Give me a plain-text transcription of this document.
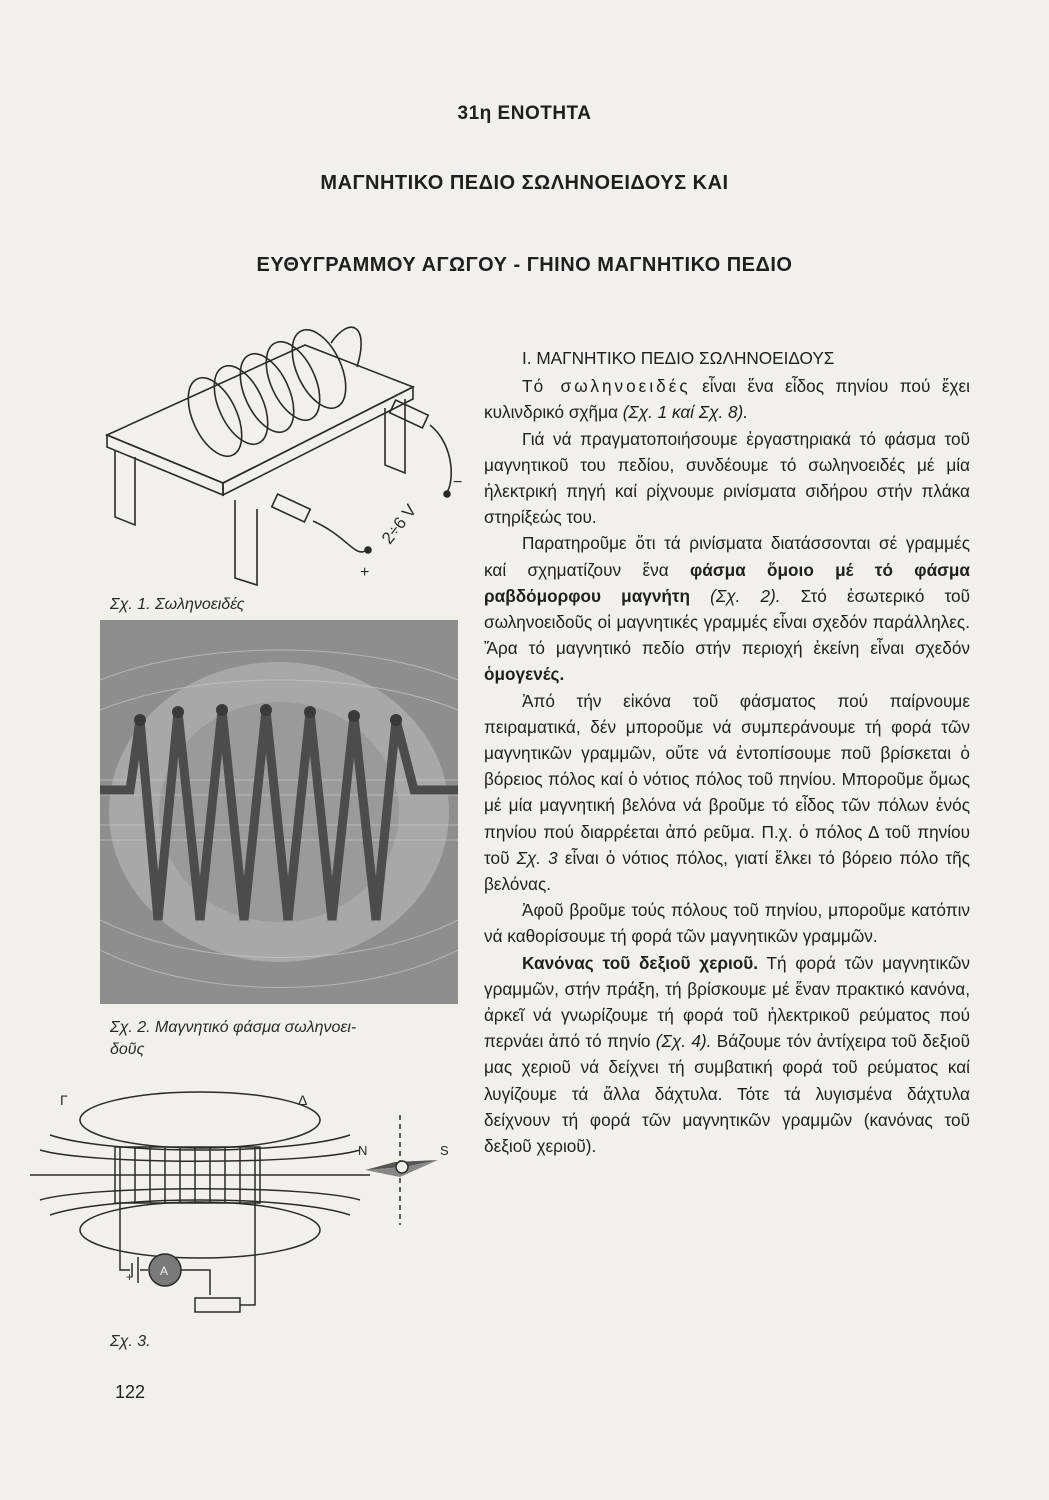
31η ΕΝΟΤΗΤΑ
ΜΑΓΝΗΤΙΚΟ ΠΕΔΙΟ ΣΩΛΗΝΟΕΙΔΟΥΣ ΚΑΙ
ΕΥΘΥΓΡΑΜΜΟΥ ΑΓΩΓΟΥ - ΓΗΙΝΟ ΜΑΓΝΗΤΙΚΟ ΠΕΔΙΟ
2÷6 V
+
−
Σχ. 1. Σωληνοειδές
Σχ. 2. Μαγνητικό φάσμα σωληνοει-
δοῦς
Γ	Δ
N	S
A
+
Σχ. 3.

Ι. ΜΑΓΝΗΤΙΚΟ ΠΕΔΙΟ ΣΩΛΗΝΟΕΙΔΟΥΣ

Τό σωληνοειδές εἶναι ἕνα εἶδος πηνίου πού ἔχει κυλινδρικό σχῆμα (Σχ. 1 καί Σχ. 8).

Γιά νά πραγματοποιήσουμε ἐργαστηριακά τό φάσμα τοῦ μαγνητικοῦ του πεδίου, συνδέουμε τό σωληνοειδές μέ μία ἠλεκτρική πηγή καί ρίχνουμε ρινίσματα σιδήρου στήν πλάκα στηρίξεώς του.

Παρατηροῦμε ὅτι τά ρινίσματα διατάσσονται σέ γραμμές καί σχηματίζουν ἕνα φάσμα ὅμοιο μέ τό φάσμα ραβδόμορφου μαγνήτη (Σχ. 2). Στό ἐσωτερικό τοῦ σωληνοειδοῦς οἱ μαγνητικές γραμμές εἶναι σχεδόν παράλληλες. Ἄρα τό μαγνητικό πεδίο στήν περιοχή ἐκείνη εἶναι σχεδόν ὁμογενές.

Ἀπό τήν εἰκόνα τοῦ φάσματος πού παίρνουμε πειραματικά, δέν μποροῦμε νά συμπεράνουμε τή φορά τῶν μαγνητικῶν γραμμῶν, οὔτε νά ἐντοπίσουμε ποῦ βρίσκεται ὁ βόρειος πόλος καί ὁ νότιος πόλος τοῦ πηνίου. Μποροῦμε ὅμως μέ μία μαγνητική βελόνα νά βροῦμε τό εἶδος τῶν πόλων ἑνός πηνίου πού διαρρέεται ἀπό ρεῦμα. Π.χ. ὁ πόλος Δ τοῦ πηνίου τοῦ Σχ. 3 εἶναι ὁ νότιος πόλος, γιατί ἕλκει τό βόρειο πόλο τῆς βελόνας.

Ἀφοῦ βροῦμε τούς πόλους τοῦ πηνίου, μποροῦμε κατόπιν νά καθορίσουμε τή φορά τῶν μαγνητικῶν γραμμῶν.

Κανόνας τοῦ δεξιοῦ χεριοῦ. Τή φορά τῶν μαγνητικῶν γραμμῶν, στήν πράξη, τή βρίσκουμε μέ ἕναν πρακτικό κανόνα, ἀρκεῖ νά γνωρίζουμε τή φορά τοῦ ἠλεκτρικοῦ ρεύματος πού περνάει ἀπό τό πηνίο (Σχ. 4). Βάζουμε τόν ἀντίχειρα τοῦ δεξιοῦ μας χεριοῦ νά δείχνει τή συμβατική φορά τοῦ ρεύματος καί λυγίζουμε τά ἄλλα δάχτυλα. Τότε τά λυγισμένα δάχτυλα δείχνουν τή φορά τῶν μαγνητικῶν γραμμῶν (κανόνας τοῦ δεξιοῦ χεριοῦ).

122
